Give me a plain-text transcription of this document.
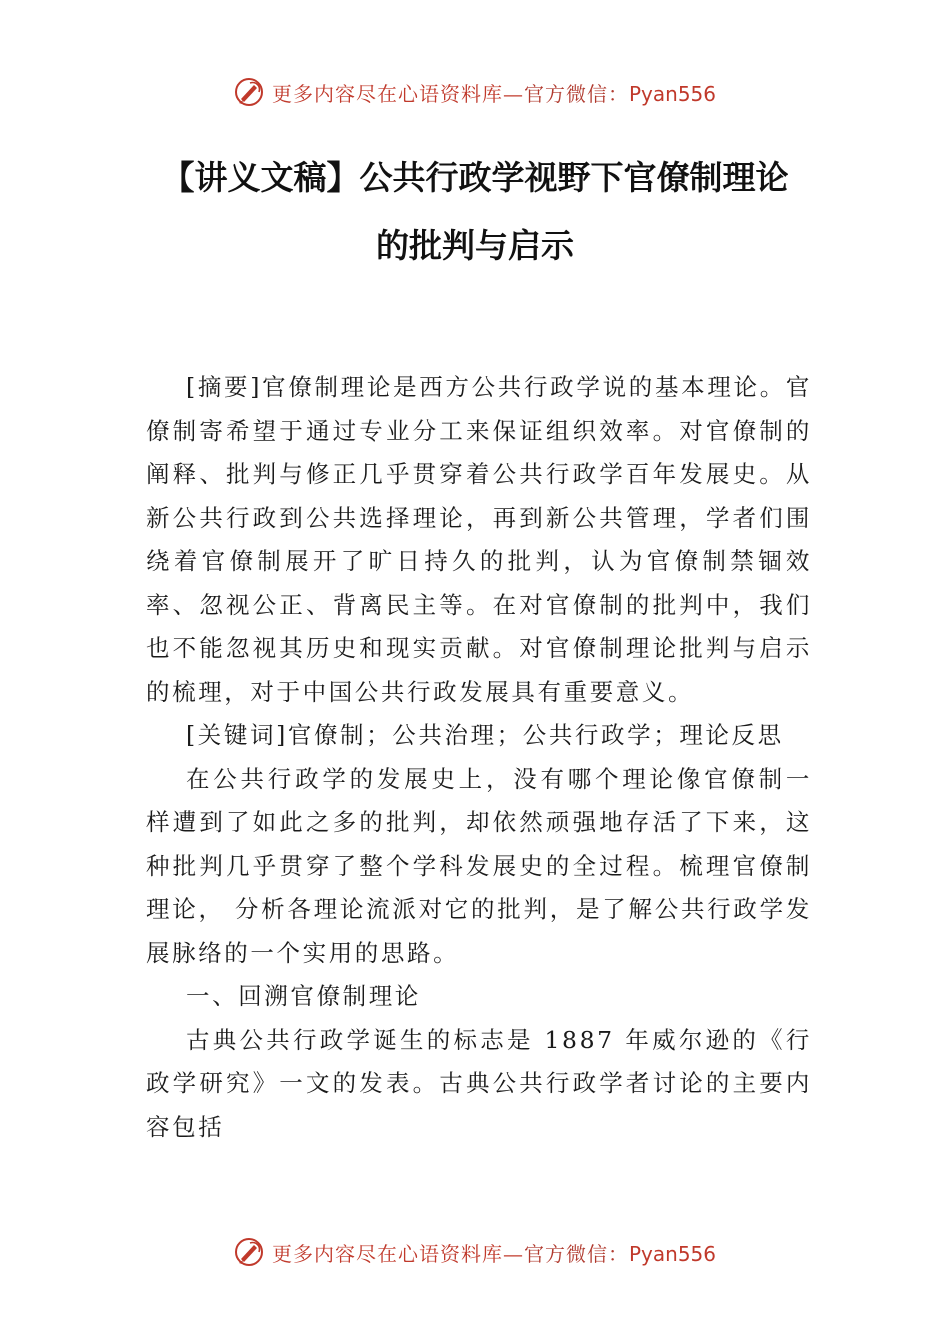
更多内容尽在心语资料库—官方微信：Pyan556
【讲义文稿】公共行政学视野下官僚制理论
的批判与启示

[摘要]官僚制理论是西方公共行政学说的基本理论。官僚制寄希望于通过专业分工来保证组织效率。对官僚制的阐释、批判与修正几乎贯穿着公共行政学百年发展史。从新公共行政到公共选择理论，再到新公共管理，学者们围绕着官僚制展开了旷日持久的批判，认为官僚制禁锢效率、忽视公正、背离民主等。在对官僚制的批判中，我们也不能忽视其历史和现实贡献。对官僚制理论批判与启示的梳理，对于中国公共行政发展具有重要意义。

[关键词]官僚制；公共治理；公共行政学；理论反思

在公共行政学的发展史上，没有哪个理论像官僚制一样遭到了如此之多的批判，却依然顽强地存活了下来，这种批判几乎贯穿了整个学科发展史的全过程。梳理官僚制理论， 分析各理论流派对它的批判，是了解公共行政学发展脉络的一个实用的思路。

一、回溯官僚制理论

古典公共行政学诞生的标志是 1887 年威尔逊的《行政学研究》一文的发表。古典公共行政学者讨论的主要内容包括

更多内容尽在心语资料库—官方微信：Pyan556
